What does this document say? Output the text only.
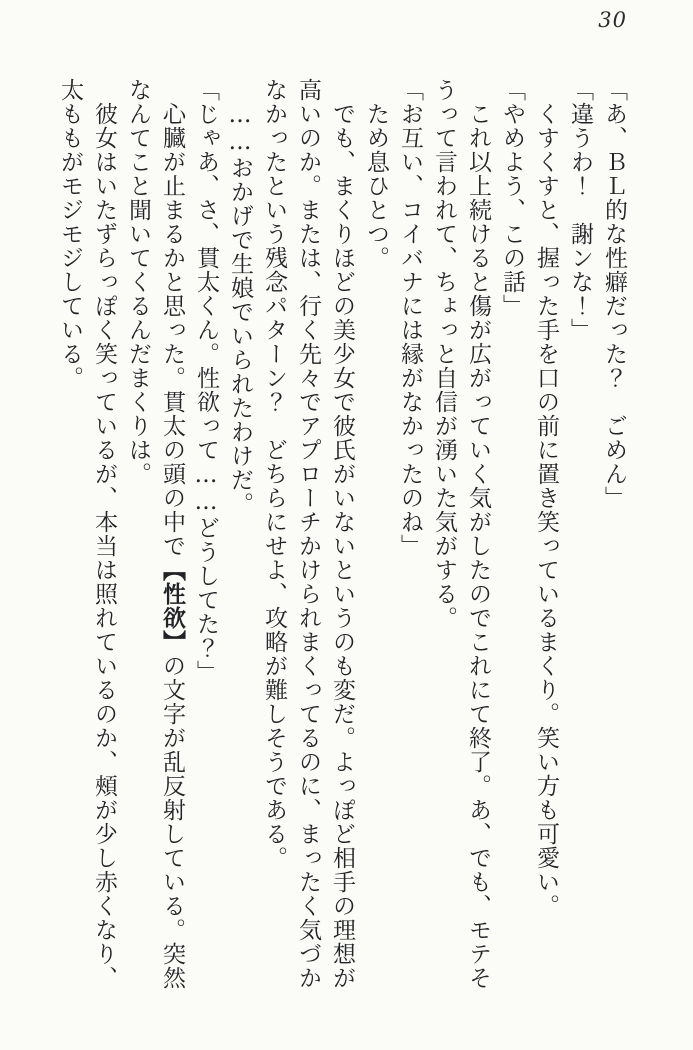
30

「あ、ＢＬ的な性癖だった？　ごめん」

「違うわ！　謝ンな！」

くすくすと、握った手を口の前に置き笑っているまくり。笑い方も可愛い。

「やめよう、この話」

これ以上続けると傷が広がっていく気がしたのでこれにて終了。あ、でも、モテそ

うって言われて、ちょっと自信が湧いた気がする。

「お互い、コイバナには縁がなかったのね」

ため息ひとつ。

でも、まくりほどの美少女で彼氏がいないというのも変だ。よっぽど相手の理想が

高いのか。または、行く先々でアプローチかけられまくってるのに、まったく気づか

なかったという残念パターン？　どちらにせよ、攻略が難しそうである。

……おかげで生娘でいられたわけだ。

「じゃあ、さ、貫太くん。性欲って……どうしてた？」

心臓が止まるかと思った。貫太の頭の中で【性欲】の文字が乱反射している。突然

なんてこと聞いてくるんだまくりは。

彼女はいたずらっぽく笑っているが、本当は照れているのか、頰が少し赤くなり、

太ももがモジモジしている。
